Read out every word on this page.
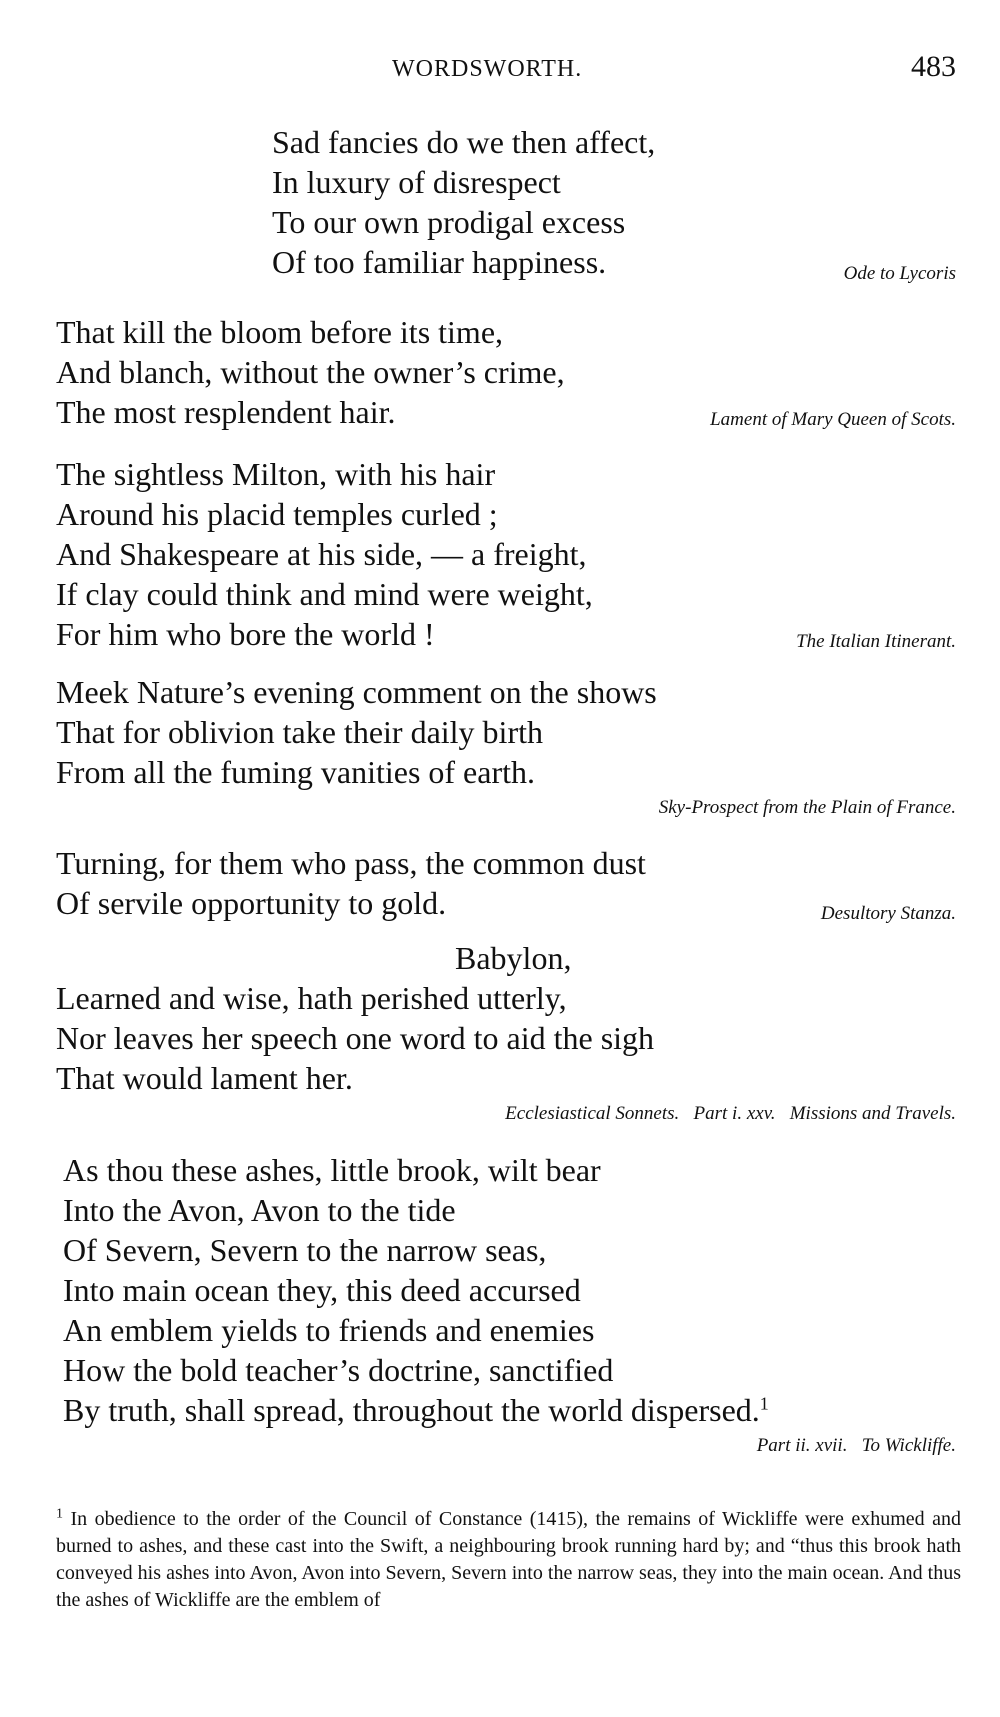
WORDSWORTH.	483
Sad fancies do we then affect,
In luxury of disrespect
To our own prodigal excess
Of too familiar happiness.	Ode to Lycoris
That kill the bloom before its time,
And blanch, without the owner’s crime,
The most resplendent hair.	Lament of Mary Queen of Scots.
The sightless Milton, with his hair
Around his placid temples curled ;
And Shakespeare at his side, — a freight,
If clay could think and mind were weight,
For him who bore the world !	The Italian Itinerant.
Meek Nature’s evening comment on the shows
That for oblivion take their daily birth
From all the fuming vanities of earth.
Sky-Prospect from the Plain of France.
Turning, for them who pass, the common dust
Of servile opportunity to gold.	Desultory Stanza.
Babylon,
Learned and wise, hath perished utterly,
Nor leaves her speech one word to aid the sigh
That would lament her.
Ecclesiastical Sonnets.   Part i. xxv.   Missions and Travels.
As thou these ashes, little brook, wilt bear
Into the Avon, Avon to the tide
Of Severn, Severn to the narrow seas,
Into main ocean they, this deed accursed
An emblem yields to friends and enemies
How the bold teacher’s doctrine, sanctified
By truth, shall spread, throughout the world dispersed.$^1$
Part ii. xvii.   To Wickliffe.
$^1$ In obedience to the order of the Council of Constance (1415), the remains of Wickliffe were exhumed and burned to ashes, and these cast into the Swift, a neighbouring brook running hard by; and “thus this brook hath conveyed his ashes into Avon, Avon into Severn, Severn into the narrow seas, they into the main ocean. And thus the ashes of Wickliffe are the emblem of
